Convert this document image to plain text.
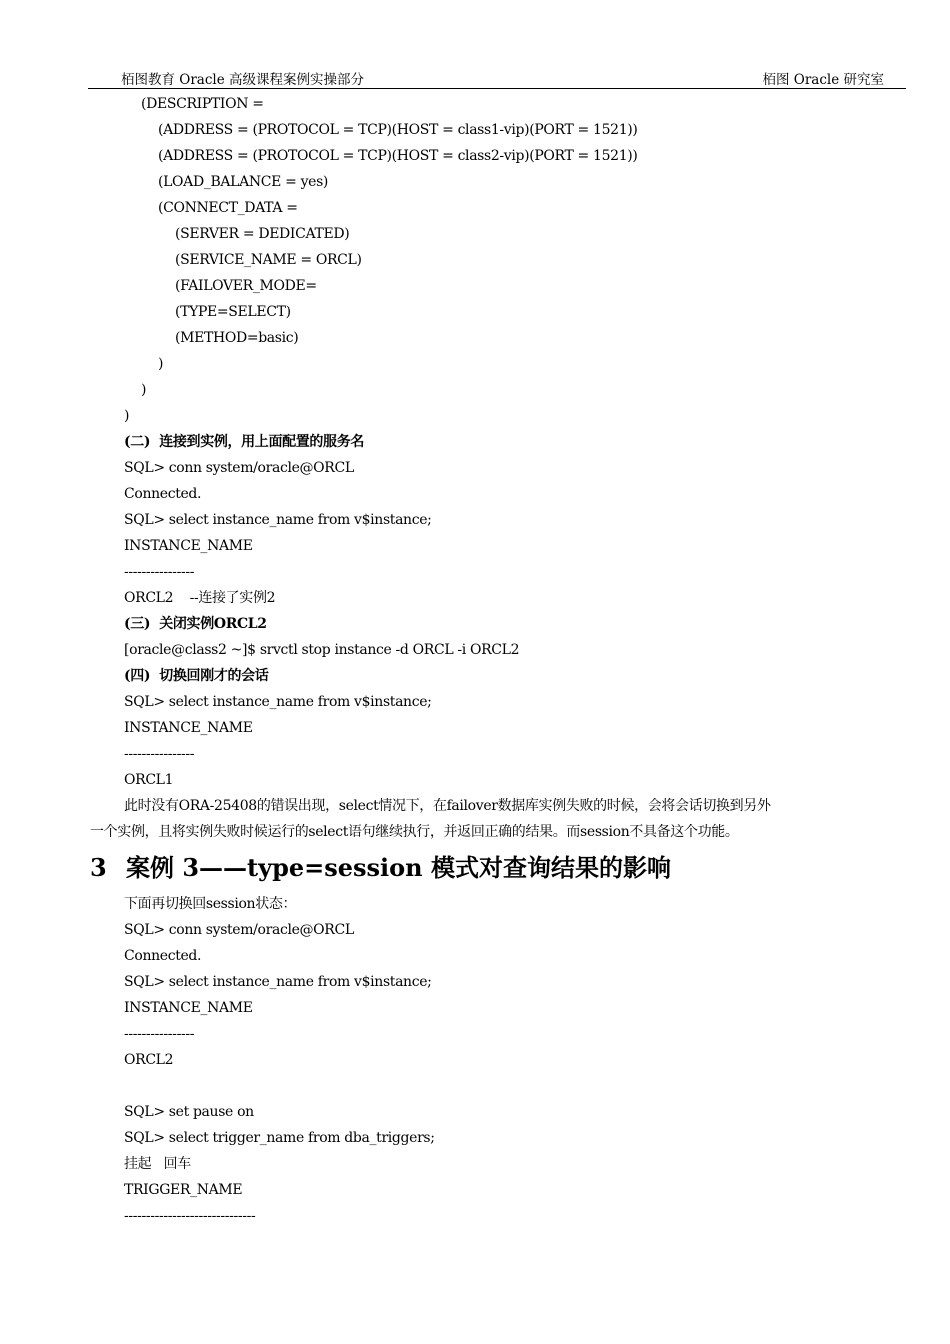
栢图教育 Oracle 高级课程案例实操部分	栢图 Oracle 研究室
(DESCRIPTION =
(ADDRESS = (PROTOCOL = TCP)(HOST = class1-vip)(PORT = 1521))
(ADDRESS = (PROTOCOL = TCP)(HOST = class2-vip)(PORT = 1521))
(LOAD_BALANCE = yes)
(CONNECT_DATA =
(SERVER = DEDICATED)
(SERVICE_NAME = ORCL)
(FAILOVER_MODE=
(TYPE=SELECT)
(METHOD=basic)
)
)
)
(二)  连接到实例，用上面配置的服务名
SQL> conn system/oracle@ORCL
Connected.
SQL> select instance_name from v$instance;
INSTANCE_NAME
----------------
ORCL2    --连接了实例2
(三)  关闭实例ORCL2
[oracle@class2 ~]$ srvctl stop instance -d ORCL -i ORCL2
(四)  切换回刚才的会话
SQL> select instance_name from v$instance;
INSTANCE_NAME
----------------
ORCL1
此时没有ORA-25408的错误出现，select情况下，在failover数据库实例失败的时候，会将会话切换到另外
一个实例，且将实例失败时候运行的select语句继续执行，并返回正确的结果。而session不具备这个功能。
3 案例 3——type=session 模式对查询结果的影响
下面再切换回session状态：
SQL> conn system/oracle@ORCL
Connected.
SQL> select instance_name from v$instance;
INSTANCE_NAME
----------------
ORCL2
SQL> set pause on
SQL> select trigger_name from dba_triggers;
挂起   回车
TRIGGER_NAME
------------------------------
